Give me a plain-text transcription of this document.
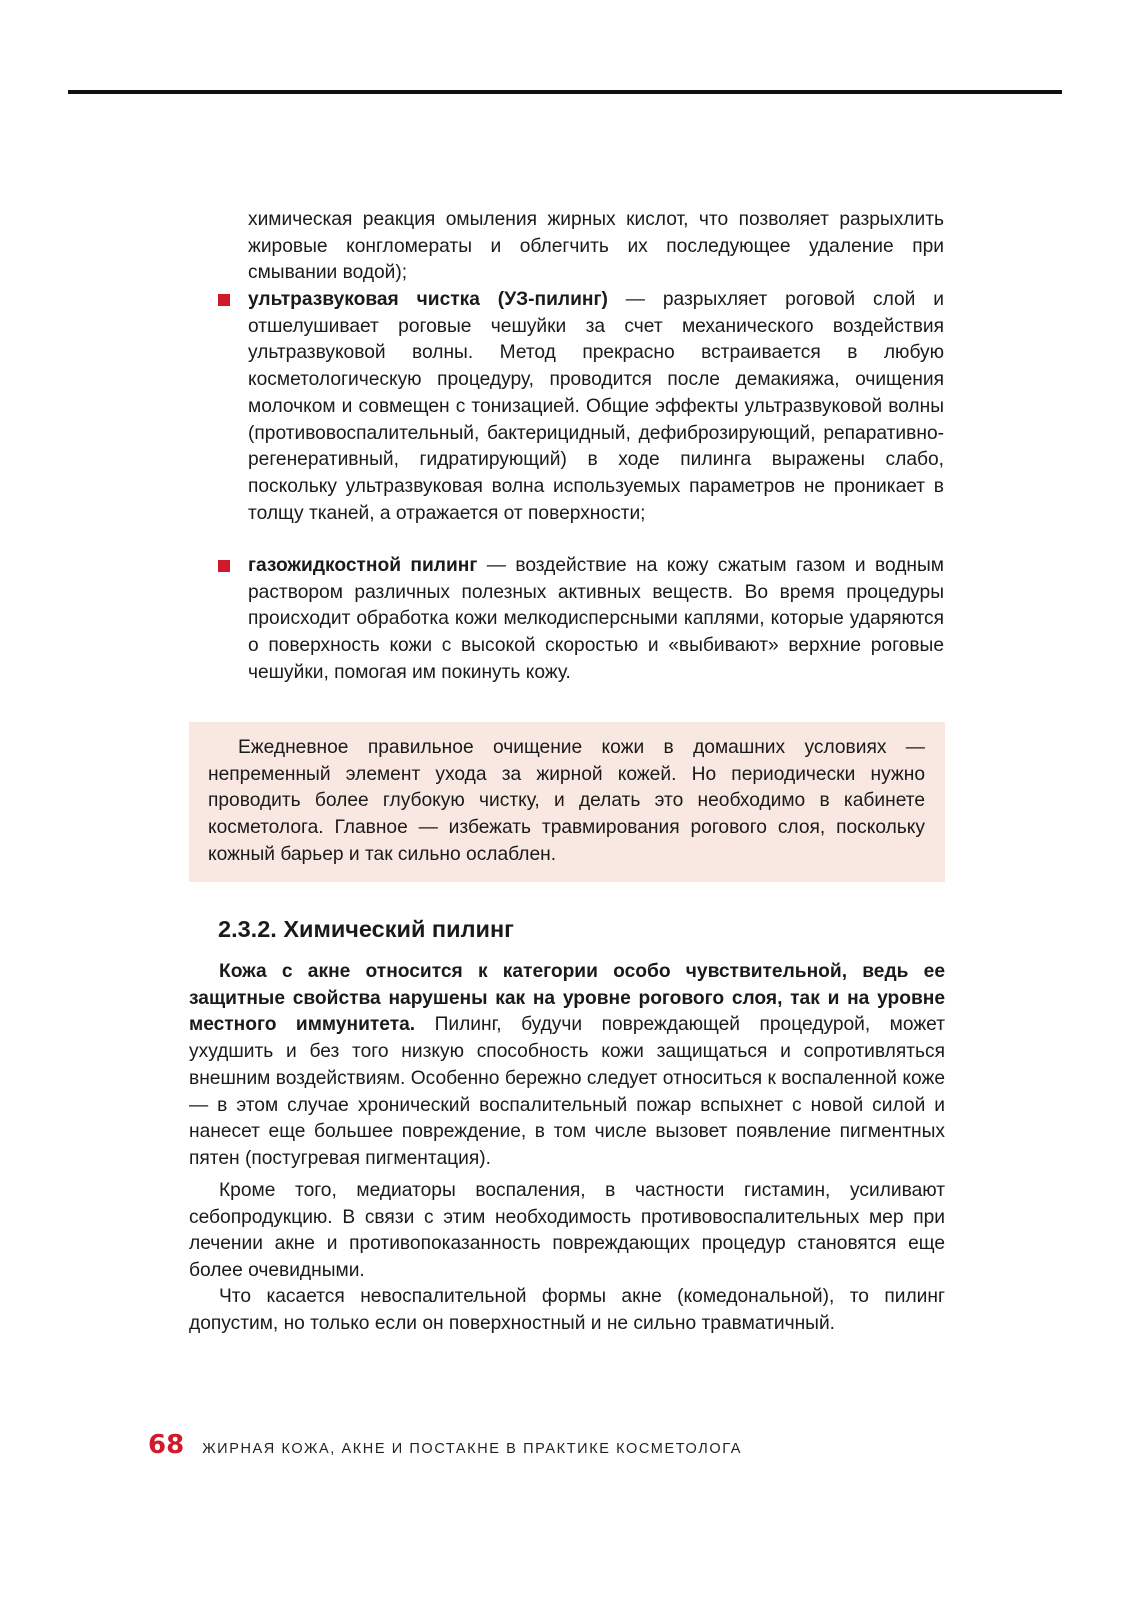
химическая реакция омыления жирных кислот, что позволяет разрыхлить жировые конгломераты и облегчить их последующее удаление при смывании водой);

ультразвуковая чистка (УЗ-пилинг) — разрыхляет роговой слой и отшелушивает роговые чешуйки за счет механического воздействия ультразвуковой волны. Метод прекрасно встраивается в любую косметологическую процедуру, проводится после демакияжа, очищения молочком и совмещен с тонизацией. Общие эффекты ультразвуковой волны (противовоспалительный, бактерицидный, дефиброзирующий, репаративно-регенеративный, гидратирующий) в ходе пилинга выражены слабо, поскольку ультразвуковая волна используемых параметров не проникает в толщу тканей, а отражается от поверхности;

газожидкостной пилинг — воздействие на кожу сжатым газом и водным раствором различных полезных активных веществ. Во время процедуры происходит обработка кожи мелкодисперсными каплями, которые ударяются о поверхность кожи с высокой скоростью и «выбивают» верхние роговые чешуйки, помогая им покинуть кожу.

Ежедневное правильное очищение кожи в домашних условиях — непременный элемент ухода за жирной кожей. Но периодически нужно проводить более глубокую чистку, и делать это необходимо в кабинете косметолога. Главное — избежать травмирования рогового слоя, поскольку кожный барьер и так сильно ослаблен.

2.3.2. Химический пилинг

Кожа с акне относится к категории особо чувствительной, ведь ее защитные свойства нарушены как на уровне рогового слоя, так и на уровне местного иммунитета. Пилинг, будучи повреждающей процедурой, может ухудшить и без того низкую способность кожи защищаться и сопротивляться внешним воздействиям. Особенно бережно следует относиться к воспаленной коже — в этом случае хронический воспалительный пожар вспыхнет с новой силой и нанесет еще большее повреждение, в том числе вызовет появление пигментных пятен (постугревая пигментация).

Кроме того, медиаторы воспаления, в частности гистамин, усиливают себопродукцию. В связи с этим необходимость противовоспалительных мер при лечении акне и противопоказанность повреждающих процедур становятся еще более очевидными.

Что касается невоспалительной формы акне (комедональной), то пилинг допустим, но только если он поверхностный и не сильно травматичный.

68 ЖИРНАЯ КОЖА, АКНЕ И ПОСТАКНЕ В ПРАКТИКЕ КОСМЕТОЛОГА
